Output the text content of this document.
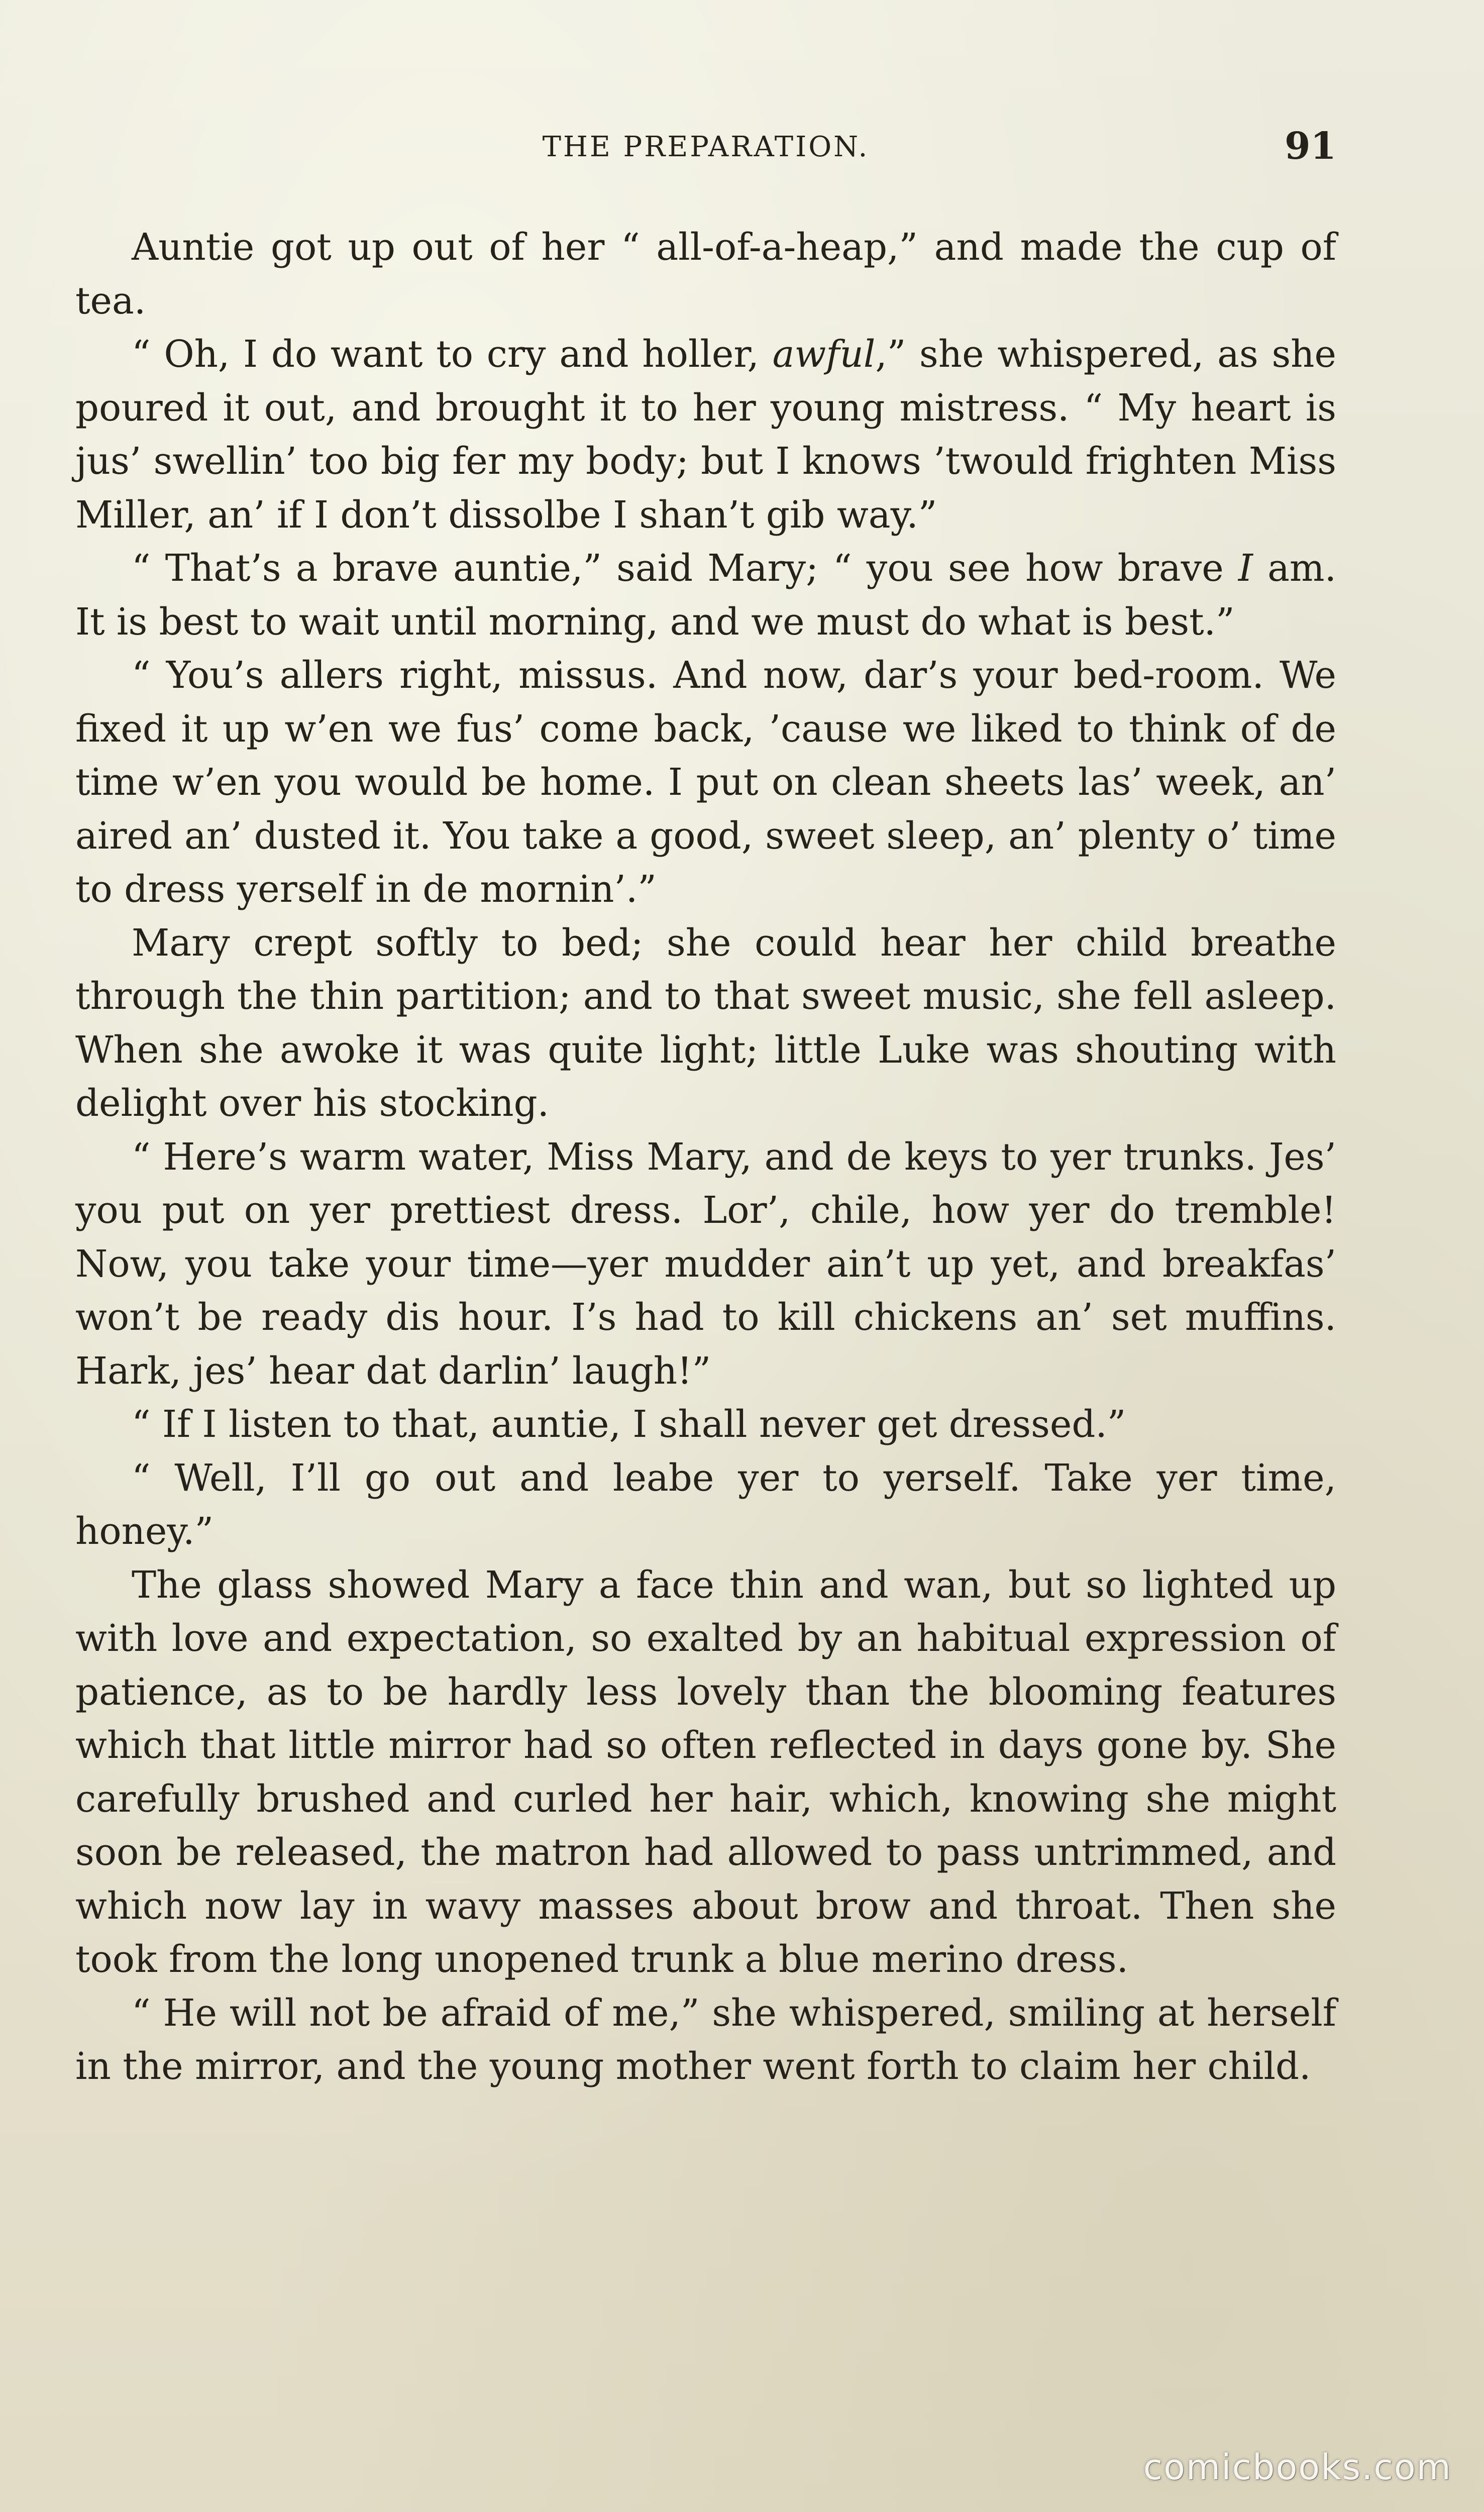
THE PREPARATION.	91

Auntie got up out of her “ all-of-a-heap,” and made the cup of tea.

“ Oh, I do want to cry and holler, awful,” she whispered, as she poured it out, and brought it to her young mistress. “ My heart is jus’ swellin’ too big fer my body; but I knows ’twould frighten Miss Miller, an’ if I don’t dissolbe I shan’t gib way.”

“ That’s a brave auntie,” said Mary; “ you see how brave I am. It is best to wait until morning, and we must do what is best.”

“ You’s allers right, missus. And now, dar’s your bed-room. We fixed it up w’en we fus’ come back, ’cause we liked to think of de time w’en you would be home. I put on clean sheets las’ week, an’ aired an’ dusted it. You take a good, sweet sleep, an’ plenty o’ time to dress yerself in de mornin’.”

Mary crept softly to bed; she could hear her child breathe through the thin partition; and to that sweet music, she fell asleep. When she awoke it was quite light; little Luke was shouting with delight over his stocking.

“ Here’s warm water, Miss Mary, and de keys to yer trunks. Jes’ you put on yer prettiest dress. Lor’, chile, how yer do tremble! Now, you take your time—yer mudder ain’t up yet, and breakfas’ won’t be ready dis hour. I’s had to kill chickens an’ set muffins. Hark, jes’ hear dat darlin’ laugh!”

“ If I listen to that, auntie, I shall never get dressed.”

“ Well, I’ll go out and leabe yer to yerself. Take yer time, honey.”

The glass showed Mary a face thin and wan, but so lighted up with love and expectation, so exalted by an habitual expression of patience, as to be hardly less lovely than the blooming features which that little mirror had so often reflected in days gone by. She carefully brushed and curled her hair, which, knowing she might soon be released, the matron had allowed to pass untrimmed, and which now lay in wavy masses about brow and throat. Then she took from the long unopened trunk a blue merino dress.

“ He will not be afraid of me,” she whispered, smiling at herself in the mirror, and the young mother went forth to claim her child.

comicbooks.com
